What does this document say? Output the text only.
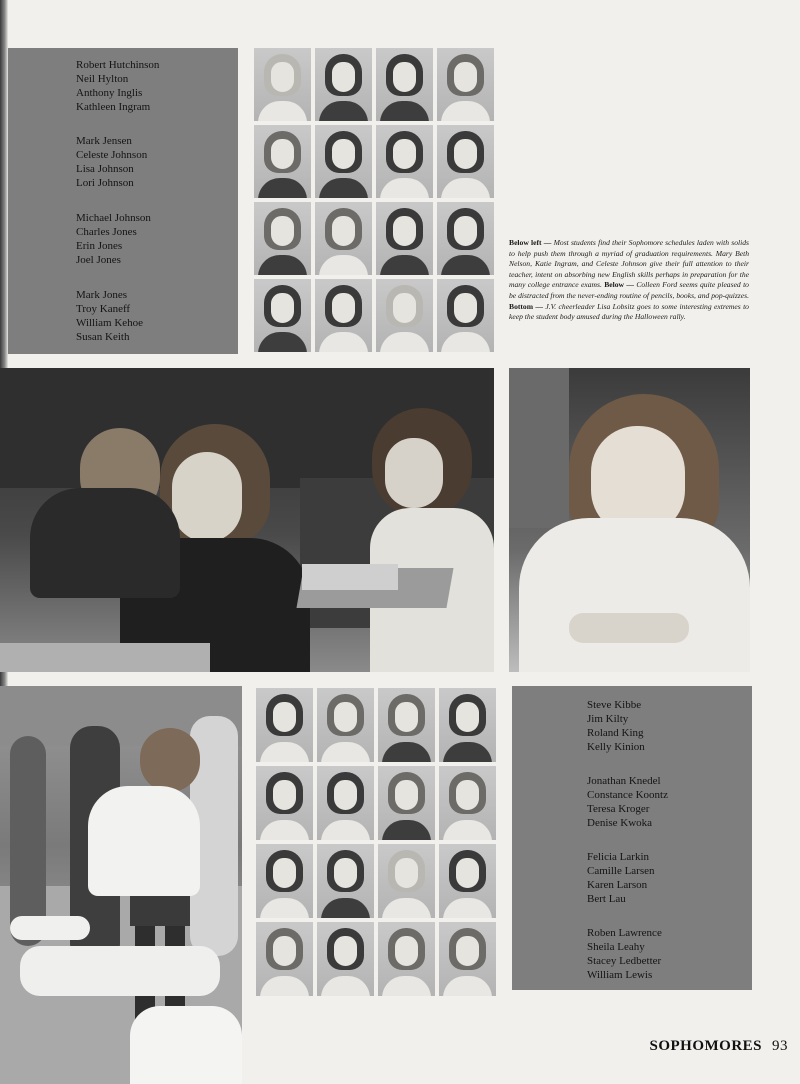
Robert Hutchinson
Neil Hylton
Anthony Inglis
Kathleen Ingram
Mark Jensen
Celeste Johnson
Lisa Johnson
Lori Johnson
Michael Johnson
Charles Jones
Erin Jones
Joel Jones
Mark Jones
Troy Kaneff
William Kehoe
Susan Keith
Below left — Most students find their Sophomore schedules laden with solids to help push them through a myriad of graduation requirements. Mary Beth Nelson, Katie Ingram, and Celeste Johnson give their full attention to their teacher, intent on absorbing new English skills perhaps in preparation for the many college entrance exams. Below — Colleen Ford seems quite pleased to be distracted from the never-ending routine of pencils, books, and pop-quizzes. Bottom — J.V. cheerleader Lisa Lobsitz goes to some interesting extremes to keep the student body amused during the Halloween rally.
Steve Kibbe
Jim Kilty
Roland King
Kelly Kinion
Jonathan Knedel
Constance Koontz
Teresa Kroger
Denise Kwoka
Felicia Larkin
Camille Larsen
Karen Larson
Bert Lau
Roben Lawrence
Sheila Leahy
Stacey Ledbetter
William Lewis
SOPHOMORES 93
